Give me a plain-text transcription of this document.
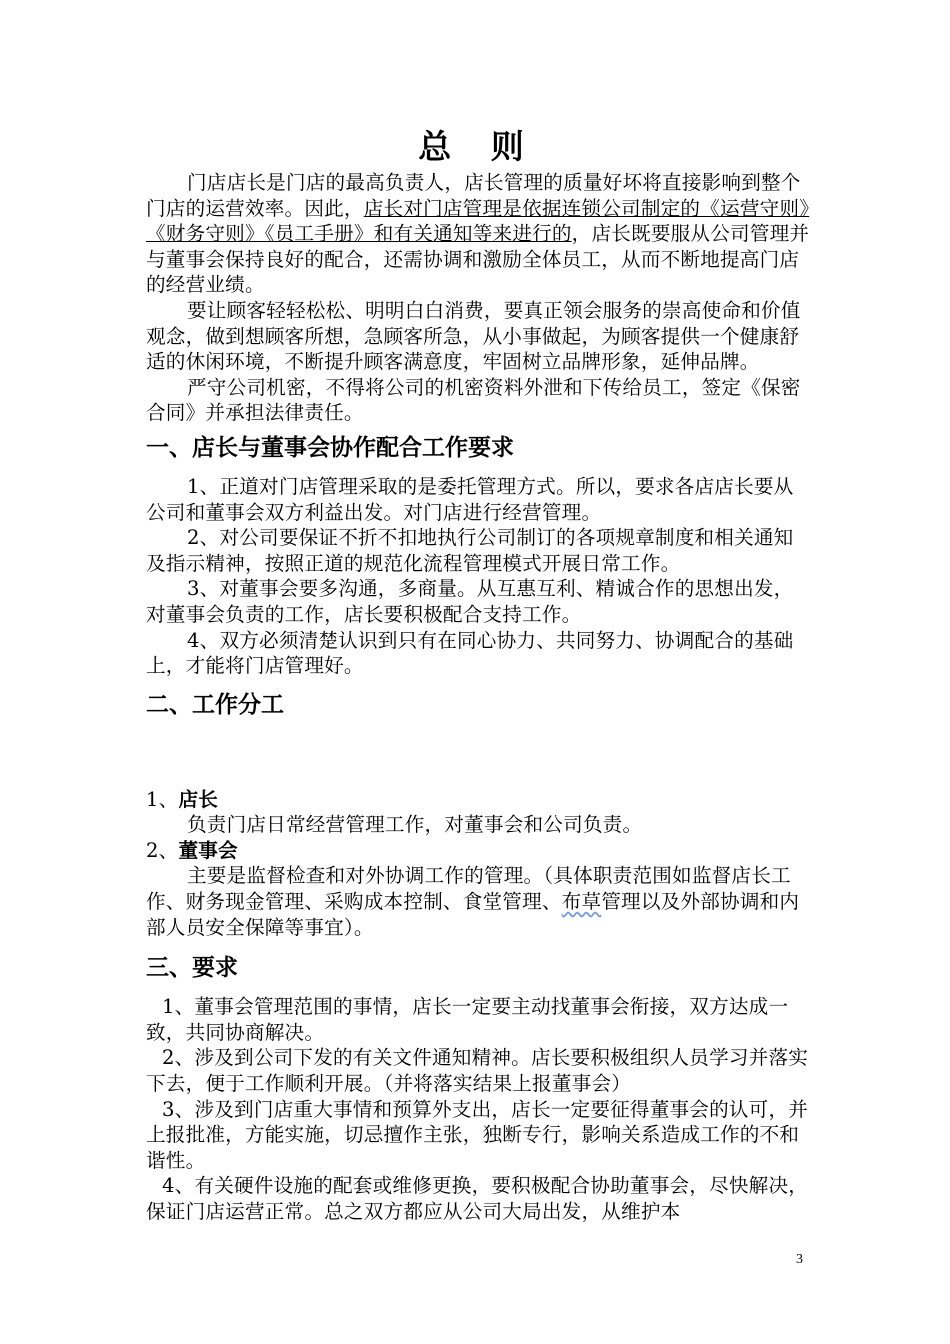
总 则

门店店长是门店的最高负责人，店长管理的质量好坏将直接影响到整个门店的运营效率。因此，店长对门店管理是依据连锁公司制定的《运营守则》《财务守则》《员工手册》和有关通知等来进行的，店长既要服从公司管理并与董事会保持良好的配合，还需协调和激励全体员工，从而不断地提高门店的经营业绩。

要让顾客轻轻松松、明明白白消费，要真正领会服务的崇高使命和价值观念，做到想顾客所想，急顾客所急，从小事做起，为顾客提供一个健康舒适的休闲环境，不断提升顾客满意度，牢固树立品牌形象，延伸品牌。

严守公司机密，不得将公司的机密资料外泄和下传给员工，签定《保密合同》并承担法律责任。

一、店长与董事会协作配合工作要求

1、正道对门店管理采取的是委托管理方式。所以，要求各店店长要从公司和董事会双方利益出发。对门店进行经营管理。

2、对公司要保证不折不扣地执行公司制订的各项规章制度和相关通知及指示精神，按照正道的规范化流程管理模式开展日常工作。

3、对董事会要多沟通，多商量。从互惠互利、精诚合作的思想出发，对董事会负责的工作，店长要积极配合支持工作。

4、双方必须清楚认识到只有在同心协力、共同努力、协调配合的基础上，才能将门店管理好。

二、工作分工

1、店长

负责门店日常经营管理工作，对董事会和公司负责。

2、董事会

主要是监督检查和对外协调工作的管理。（具体职责范围如监督店长工作、财务现金管理、采购成本控制、食堂管理、布草管理以及外部协调和内部人员安全保障等事宜）。

三、要求

1、董事会管理范围的事情，店长一定要主动找董事会衔接，双方达成一致，共同协商解决。

2、涉及到公司下发的有关文件通知精神。店长要积极组织人员学习并落实下去，便于工作顺利开展。（并将落实结果上报董事会）

3、涉及到门店重大事情和预算外支出，店长一定要征得董事会的认可，并上报批准，方能实施，切忌擅作主张，独断专行，影响关系造成工作的不和谐性。

4、有关硬件设施的配套或维修更换，要积极配合协助董事会，尽快解决，保证门店运营正常。总之双方都应从公司大局出发，从维护本

3
